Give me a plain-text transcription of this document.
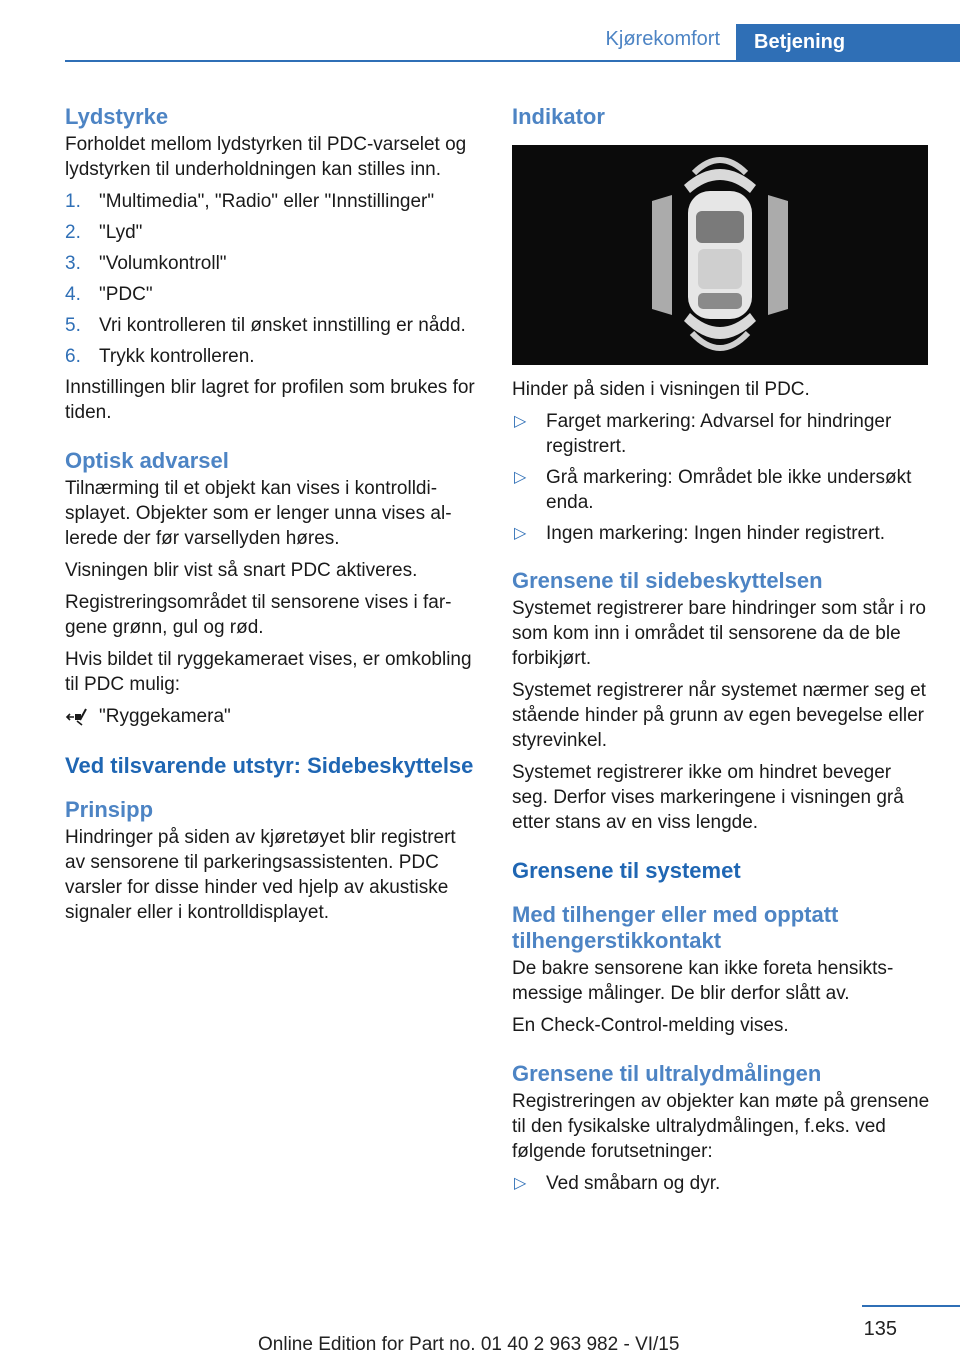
Kjørekomfort	Betjening
Lydstyrke

Forholdet mellom lydstyrken til PDC-varselet og lydstyrken til underholdningen kan stilles inn.

1. "Multimedia", "Radio" eller "Innstillinger"
2. "Lyd"
3. "Volumkontroll"
4. "PDC"
5. Vri kontrolleren til ønsket innstilling er nådd.
6. Trykk kontrolleren.

Innstillingen blir lagret for profilen som brukes for tiden.

Optisk advarsel

Tilnærming til et objekt kan vises i kontrolldisplayet. Objekter som er lenger unna vises allerede der før varsellyden høres.

Visningen blir vist så snart PDC aktiveres.

Registreringsområdet til sensorene vises i fargene grønn, gul og rød.

Hvis bildet til ryggekameraet vises, er omkobling til PDC mulig:

"Ryggekamera"
Ved tilsvarende utstyr: Sidebeskyttelse
Prinsipp

Hindringer på siden av kjøretøyet blir registrert av sensorene til parkeringsassistenten. PDC varsler for disse hinder ved hjelp av akustiske signaler eller i kontrolldisplayet.

Indikator

Hinder på siden i visningen til PDC.

▷ Farget markering: Advarsel for hindringer registrert.
▷ Grå markering: Området ble ikke undersøkt enda.
▷ Ingen markering: Ingen hinder registrert.
Grensene til sidebeskyttelsen

Systemet registrerer bare hindringer som står i ro som kom inn i området til sensorene da de ble forbikjørt.

Systemet registrerer når systemet nærmer seg et stående hinder på grunn av egen bevegelse eller styrevinkel.

Systemet registrerer ikke om hindret beveger seg. Derfor vises markeringene i visningen grå etter stans av en viss lengde.

Grensene til systemet
Med tilhenger eller med opptatt tilhengerstikkontakt

De bakre sensorene kan ikke foreta hensiktsmessige målinger. De blir derfor slått av.

En Check-Control-melding vises.

Grensene til ultralydmålingen

Registreringen av objekter kan møte på grensene til den fysikalske ultralydmålingen, f.eks. ved følgende forutsetninger:

▷ Ved småbarn og dyr.
135
Online Edition for Part no. 01 40 2 963 982 - VI/15
